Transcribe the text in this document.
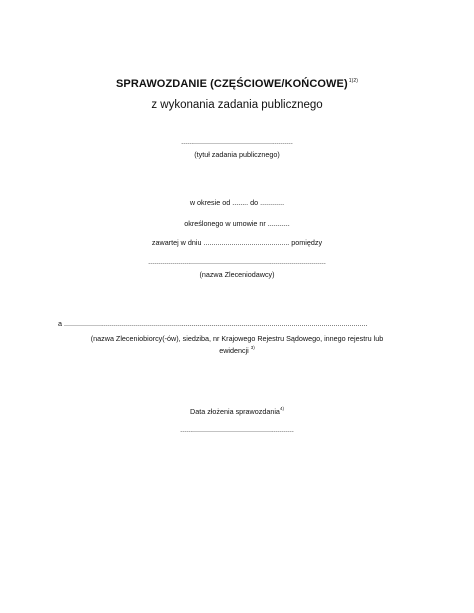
SPRAWOZDANIE (CZĘŚCIOWE/KOŃCOWE)$^{1)2)}$
z wykonania zadania publicznego
........................................................
(tytuł zadania publicznego)
w okresie od ........ do ............
określonego w umowie nr ...........
zawartej w dniu ........................................... pomiędzy
.........................................................................................
(nazwa Zleceniodawcy)
a ........................................................................................................................................................
(nazwa Zleceniobiorcy(-ów), siedziba, nr Krajowego Rejestru Sądowego, innego rejestru lub
ewidencji $^{3)}$
Data złożenia sprawozdania$^{4)}$
.........................................................
